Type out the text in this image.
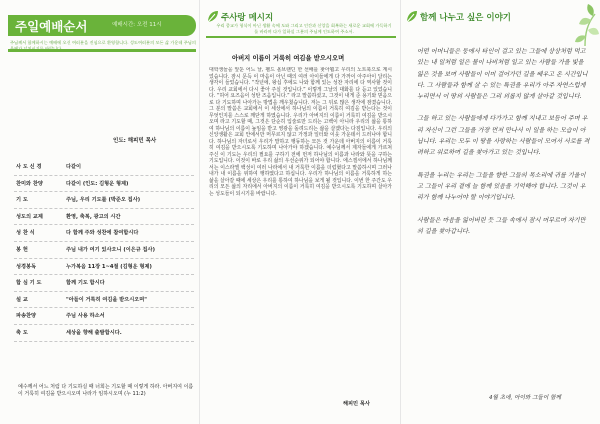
주일예배순서	예배시간: 오전 11시
주님께서 함께하시는 예배에 오신 여러분을 진심으로 환영합니다. 성도여러분의 모든 삶 가운데 주님의
인도: 해피민 목사
사 도 신 경	다같이
찬미와 찬양	다같이 (인도: 김형운 형제)
기 도	주님, 우리 기도를 (박준오 집사)
성도의 교제	환영, 축복, 광고의 시간
성 찬 식	다 함께 주와 성찬에 참여합시다
봉 헌	주님 내가 여기 있사오니 (이은규 집사)
성경봉독	누가복음 11장 1~4절 (김형운 형제)
합 심 기 도	함께 기도 합시다
설 교	"아들이 거룩히 여김을 받으시오며"
파송찬양	주님 사용 하소서
축 도	세상을 향해 출발합시다.
예수께서 어느 처럼 다 기도하실 때 너희는 기도할 때 이렇게 하라. 아버지여 이름이 거룩히 여김을 받으시오며 나라가 임하시오며 (누 11:2)
주사랑 메시지
우리 종교가 형식이 아닌 생활 속에 도와 그리고 인간과 신앙을 회복하는 새로운 교회에 가득하기를 바라며 다가 일하실 그분의 주님께 인도하여 주소서.
아버지 이름이 거룩히 여김을 받으시오며
대학생들을 앞둔 어느 날, 펠드 올브랜딘 한 선배를 찾아뵙고 우리의 노트북으로 계시었습니다. 잠시 문득 이 마음이 아닌 때의 여러 아이들에게 다 가까이 아주아이 달리는 생각이 들었습니다. “작년에, 왕십 후에도 나와 함께 있는 성찬 자리에 다 역사할 것이다. 우리 교회에서 다시 좋아 주실 것입니다.” 이렇게 그날의 대화를 다 듣고 있었습니다. “허어 요즈음이 성탄 즈음입니다.” 라고 말씀하셨고, 그것이 내게 준 용기와 믿음으로 다 기도하며 나아가는 방법을 깨우쳤습니다. 저는 그 뒤로 많은 생각에 잠겼습니다. 그 분의 말씀은 교회에서 이 세상에서 하나님의 이름이 거룩히 여김을 받는다는 것이 무엇인지를 스스로 깨닫게 하였습니다. 우리가 아버지의 이름이 거룩히 여김을 받으시오며 라고 기도할 때, 그것은 단순히 입술로만 드리는 고백이 아니라 우리의 삶을 통하여 하나님의 이름이 높임을 받고 영광을 돌려드리는 삶을 살겠다는 다짐입니다. 우리의 신앙생활은 교회 안에서만 머무르지 않고 가정과 일터와 이웃 가운데서 드러나야 합니다. 하나님의 자녀로서 우리가 말하고 행동하는 모든 것 가운데 아버지의 이름이 거룩히 여김을 받으시도록 기도하며 나아가야 하겠습니다. 예수님께서 제자들에게 가르쳐 주신 이 기도는 우리의 필요를 구하기 전에 먼저 하나님의 이름과 나라와 뜻을 구하는 기도입니다. 이것이 바로 우리 삶의 우선순위가 되어야 합니다. 에스겔서에서 하나님께서는 이스라엘 백성이 여러 나라에서 내 거룩한 이름을 더럽혔다고 말씀하시며 그러나 내가 내 이름을 위하여 행하였다고 하십니다. 우리가 하나님의 이름을 거룩하게 하는 삶을 살아갈 때에 세상은 우리를 통하여 하나님을 보게 될 것입니다. 이번 한 주간도 우리의 모든 삶의 자리에서 아버지의 이름이 거룩히 여김을 받으시도록 기도하며 살아가는 성도들이 되시기를 바랍니다.
해피민 목사
함께 나누고 싶은 이야기

어떤 어머니들은 둥에서 타인이 걸고 있는 그들에 상상처럼 먹고 있는 내 일처럼 일은 불이 나비처럼 일고 있는 사람들 가을 빛을 잃은 것을 보며 사람들이 이미 걸어가던 길을 배우고 온 시간입니다. 그 사람들과 함께 살 수 있는 특권을 우리가 아주 자연스럽게 누리면서 이 땅의 사람들은 그리 외롭지 않게 살아갈 것입니다.

그들 하고 있는 사람들에게 다가가고 함께 지내고 보듬어 주며 우리 자신이 그런 그들을 가장 먼저 만나서 이 일을 하는 모습이 아닙니다. 우리는 모두 이 땅을 사랑하는 사람들이 모여서 서로를 격려하고 위로하며 길을 찾아가고 있는 것입니다.

특권을 누리는 우리는 그들을 향한 그들의 목소리에 귀를 기울이고 그들이 우리 곁에 늘 함께 있음을 기억해야 합니다. 그것이 우리가 함께 나누어야 할 이야기입니다.

사람들은 마음을 잃어버린 듯 그들 속에서 잠시 머무르며 자기만의 길을 찾아갑니다.

4월 초에, 아이와 그들이 함께
